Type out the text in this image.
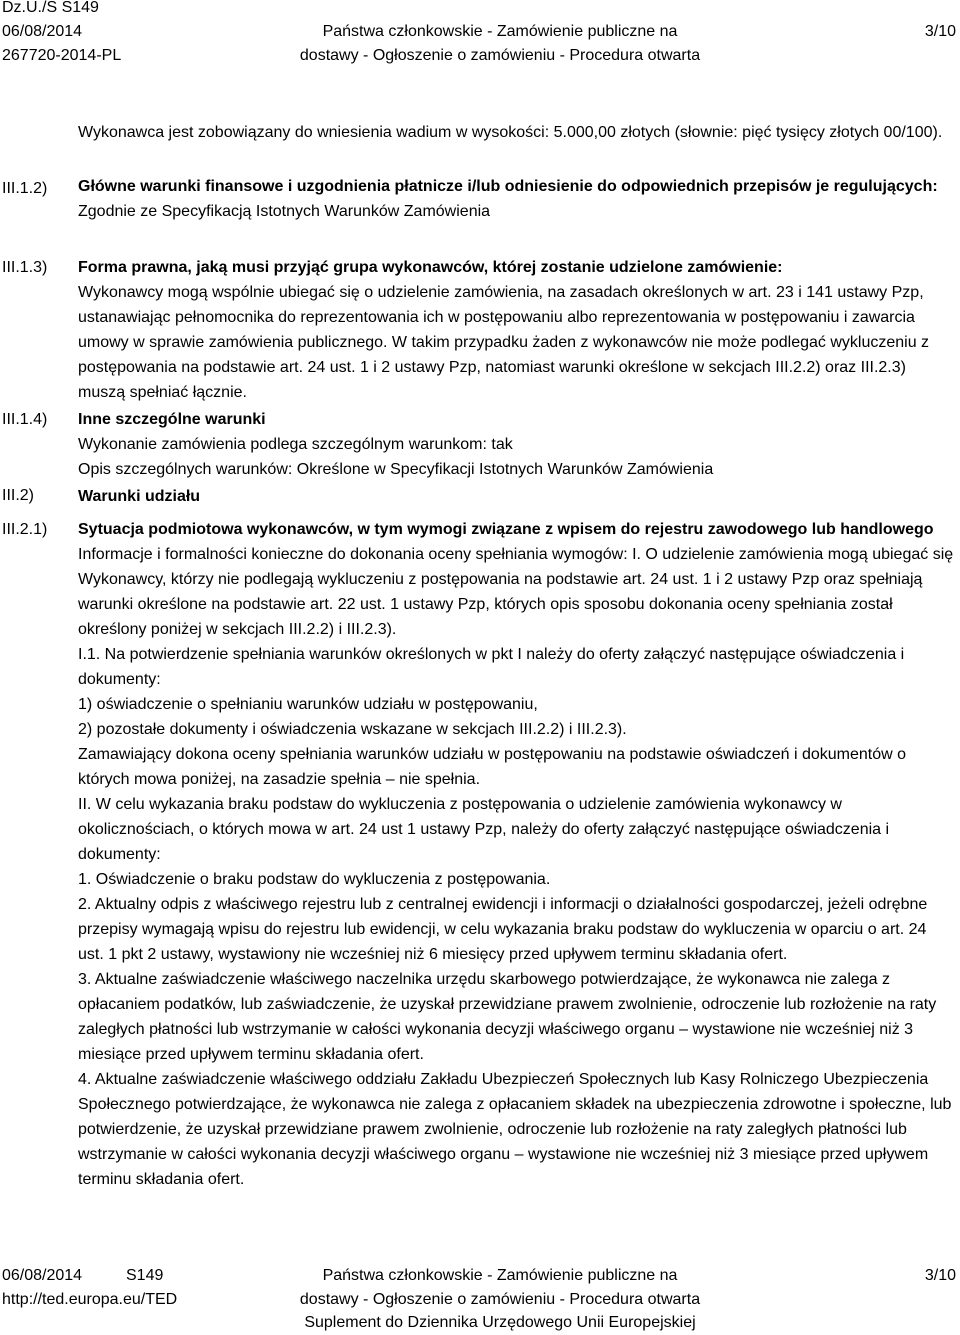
Dz.U./S S149
06/08/2014
267720-2014-PL
Państwa członkowskie - Zamówienie publiczne na
dostawy - Ogłoszenie o zamówieniu - Procedura otwarta
3/10
III.1.2)
III.1.3)
III.1.4)
III.2)
III.2.1)

Wykonawca jest zobowiązany do wniesienia wadium w wysokości: 5.000,00 złotych (słownie: pięć tysięcy złotych 00/100).

Główne warunki finansowe i uzgodnienia płatnicze i/lub odniesienie do odpowiednich przepisów je regulujących:

Zgodnie ze Specyfikacją Istotnych Warunków Zamówienia

Forma prawna, jaką musi przyjąć grupa wykonawców, której zostanie udzielone zamówienie:

Wykonawcy mogą wspólnie ubiegać się o udzielenie zamówienia, na zasadach określonych w art. 23 i 141 ustawy Pzp, ustanawiając pełnomocnika do reprezentowania ich w postępowaniu albo reprezentowania w postępowaniu i zawarcia umowy w sprawie zamówienia publicznego. W takim przypadku żaden z wykonawców nie może podlegać wykluczeniu z postępowania na podstawie art. 24 ust. 1 i 2 ustawy Pzp, natomiast warunki określone w sekcjach III.2.2) oraz III.2.3) muszą spełniać łącznie.

Inne szczególne warunki

Wykonanie zamówienia podlega szczególnym warunkom: tak

Opis szczególnych warunków: Określone w Specyfikacji Istotnych Warunków Zamówienia

Warunki udziału

Sytuacja podmiotowa wykonawców, w tym wymogi związane z wpisem do rejestru zawodowego lub handlowego

Informacje i formalności konieczne do dokonania oceny spełniania wymogów: I. O udzielenie zamówienia mogą ubiegać się Wykonawcy, którzy nie podlegają wykluczeniu z postępowania na podstawie art. 24 ust. 1 i 2 ustawy Pzp oraz spełniają warunki określone na podstawie art. 22 ust. 1 ustawy Pzp, których opis sposobu dokonania oceny spełniania został określony poniżej w sekcjach III.2.2) i III.2.3).

I.1. Na potwierdzenie spełniania warunków określonych w pkt I należy do oferty załączyć następujące oświadczenia i dokumenty:

1) oświadczenie o spełnianiu warunków udziału w postępowaniu,

2) pozostałe dokumenty i oświadczenia wskazane w sekcjach III.2.2) i III.2.3).

Zamawiający dokona oceny spełniania warunków udziału w postępowaniu na podstawie oświadczeń i dokumentów o których mowa poniżej, na zasadzie spełnia – nie spełnia.

II. W celu wykazania braku podstaw do wykluczenia z postępowania o udzielenie zamówienia wykonawcy w okolicznościach, o których mowa w art. 24 ust 1 ustawy Pzp, należy do oferty załączyć następujące oświadczenia i dokumenty:

1. Oświadczenie o braku podstaw do wykluczenia z postępowania.

2. Aktualny odpis z właściwego rejestru lub z centralnej ewidencji i informacji o działalności gospodarczej, jeżeli odrębne przepisy wymagają wpisu do rejestru lub ewidencji, w celu wykazania braku podstaw do wykluczenia w oparciu o art. 24 ust. 1 pkt 2 ustawy, wystawiony nie wcześniej niż 6 miesięcy przed upływem terminu składania ofert.

3. Aktualne zaświadczenie właściwego naczelnika urzędu skarbowego potwierdzające, że wykonawca nie zalega z opłacaniem podatków, lub zaświadczenie, że uzyskał przewidziane prawem zwolnienie, odroczenie lub rozłożenie na raty zaległych płatności lub wstrzymanie w całości wykonania decyzji właściwego organu – wystawione nie wcześniej niż 3 miesiące przed upływem terminu składania ofert.

4. Aktualne zaświadczenie właściwego oddziału Zakładu Ubezpieczeń Społecznych lub Kasy Rolniczego Ubezpieczenia Społecznego potwierdzające, że wykonawca nie zalega z opłacaniem składek na ubezpieczenia zdrowotne i społeczne, lub potwierdzenie, że uzyskał przewidziane prawem zwolnienie, odroczenie lub rozłożenie na raty zaległych płatności lub wstrzymanie w całości wykonania decyzji właściwego organu – wystawione nie wcześniej niż 3 miesiące przed upływem terminu składania ofert.

06/08/2014	S149
http://ted.europa.eu/TED
Państwa członkowskie - Zamówienie publiczne na
dostawy - Ogłoszenie o zamówieniu - Procedura otwarta
Suplement do Dziennika Urzędowego Unii Europejskiej
3/10
